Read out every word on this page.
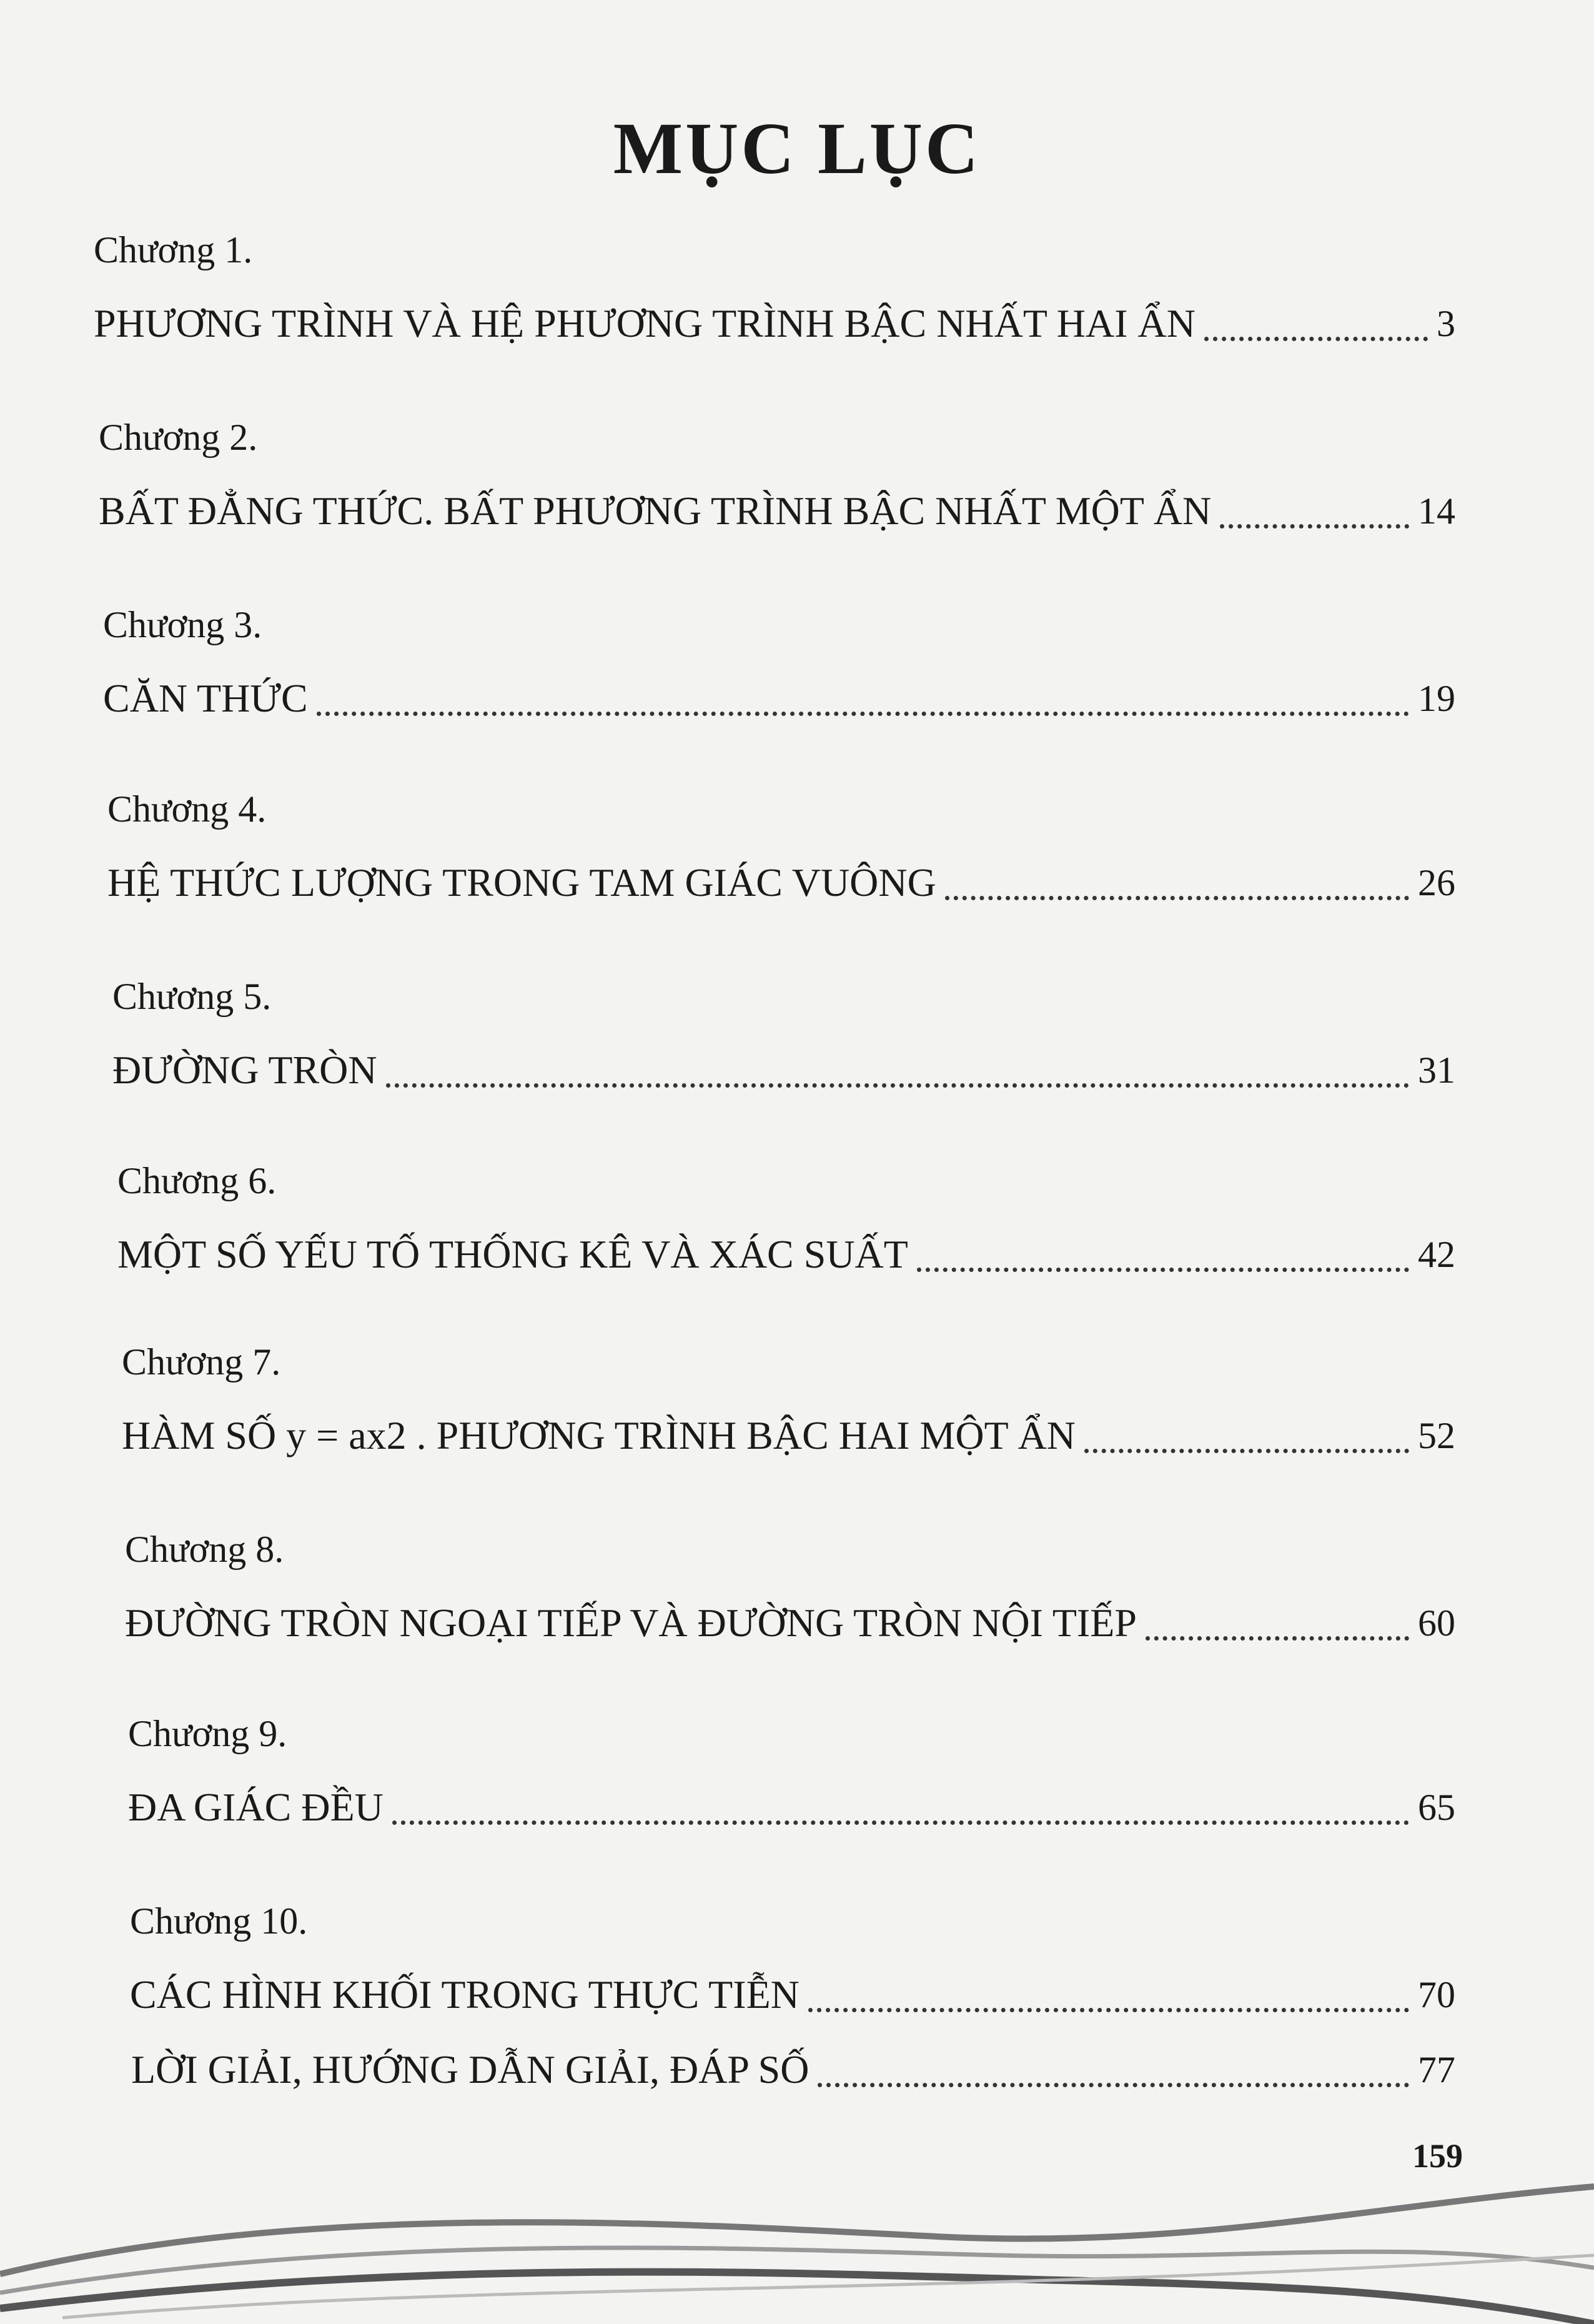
MỤC LỤC
Chương 1.
PHƯƠNG TRÌNH VÀ HỆ PHƯƠNG TRÌNH BẬC NHẤT HAI ẨN	3
Chương 2.
BẤT ĐẲNG THỨC. BẤT PHƯƠNG TRÌNH BẬC NHẤT MỘT ẨN	14
Chương 3.
CĂN THỨC	19
Chương 4.
HỆ THỨC LƯỢNG TRONG TAM GIÁC VUÔNG	26
Chương 5.
ĐƯỜNG TRÒN	31
Chương 6.
MỘT SỐ YẾU TỐ THỐNG KÊ VÀ XÁC SUẤT	42
Chương 7.
HÀM SỐ y = ax2 . PHƯƠNG TRÌNH BẬC HAI MỘT ẨN	52
Chương 8.
ĐƯỜNG TRÒN NGOẠI TIẾP VÀ ĐƯỜNG TRÒN NỘI TIẾP	60
Chương 9.
ĐA GIÁC ĐỀU	65
Chương 10.
CÁC HÌNH KHỐI TRONG THỰC TIỄN	70
LỜI GIẢI, HƯỚNG DẪN GIẢI, ĐÁP SỐ	77
159
